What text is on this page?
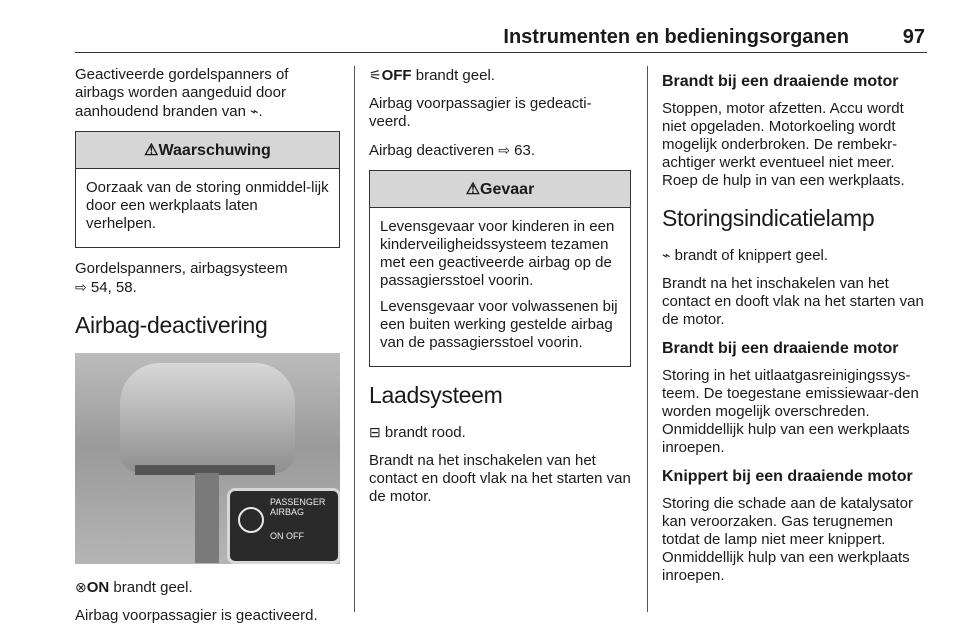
Instrumenten en bedieningsorganen	97

Geactiveerde gordelspanners of airbags worden aangeduid door aanhoudend branden van ⌁.

⚠Waarschuwing

Oorzaak van de storing onmiddel-lijk door een werkplaats laten verhelpen.

Gordelspanners, airbagsysteem
⇨ 54, 58.

Airbag-deactivering
PASSENGER AIRBAG
ON OFF

⊗ON brandt geel.

Airbag voorpassagier is geactiveerd.

⚟OFF brandt geel.

Airbag voorpassagier is gedeacti-veerd.

Airbag deactiveren ⇨ 63.

⚠Gevaar

Levensgevaar voor kinderen in een kinderveiligheidssysteem tezamen met een geactiveerde airbag op de passagiersstoel voorin.

Levensgevaar voor volwassenen bij een buiten werking gestelde airbag van de passagiersstoel voorin.

Laadsysteem

⊟ brandt rood.

Brandt na het inschakelen van het contact en dooft vlak na het starten van de motor.

Brandt bij een draaiende motor

Stoppen, motor afzetten. Accu wordt niet opgeladen. Motorkoeling wordt mogelijk onderbroken. De rembekr-achtiger werkt eventueel niet meer. Roep de hulp in van een werkplaats.

Storingsindicatielamp

⌁ brandt of knippert geel.

Brandt na het inschakelen van het contact en dooft vlak na het starten van de motor.

Brandt bij een draaiende motor

Storing in het uitlaatgasreinigingssys-teem. De toegestane emissiewaar-den worden mogelijk overschreden. Onmiddellijk hulp van een werkplaats inroepen.

Knippert bij een draaiende motor

Storing die schade aan de katalysator kan veroorzaken. Gas terugnemen totdat de lamp niet meer knippert. Onmiddellijk hulp van een werkplaats inroepen.
